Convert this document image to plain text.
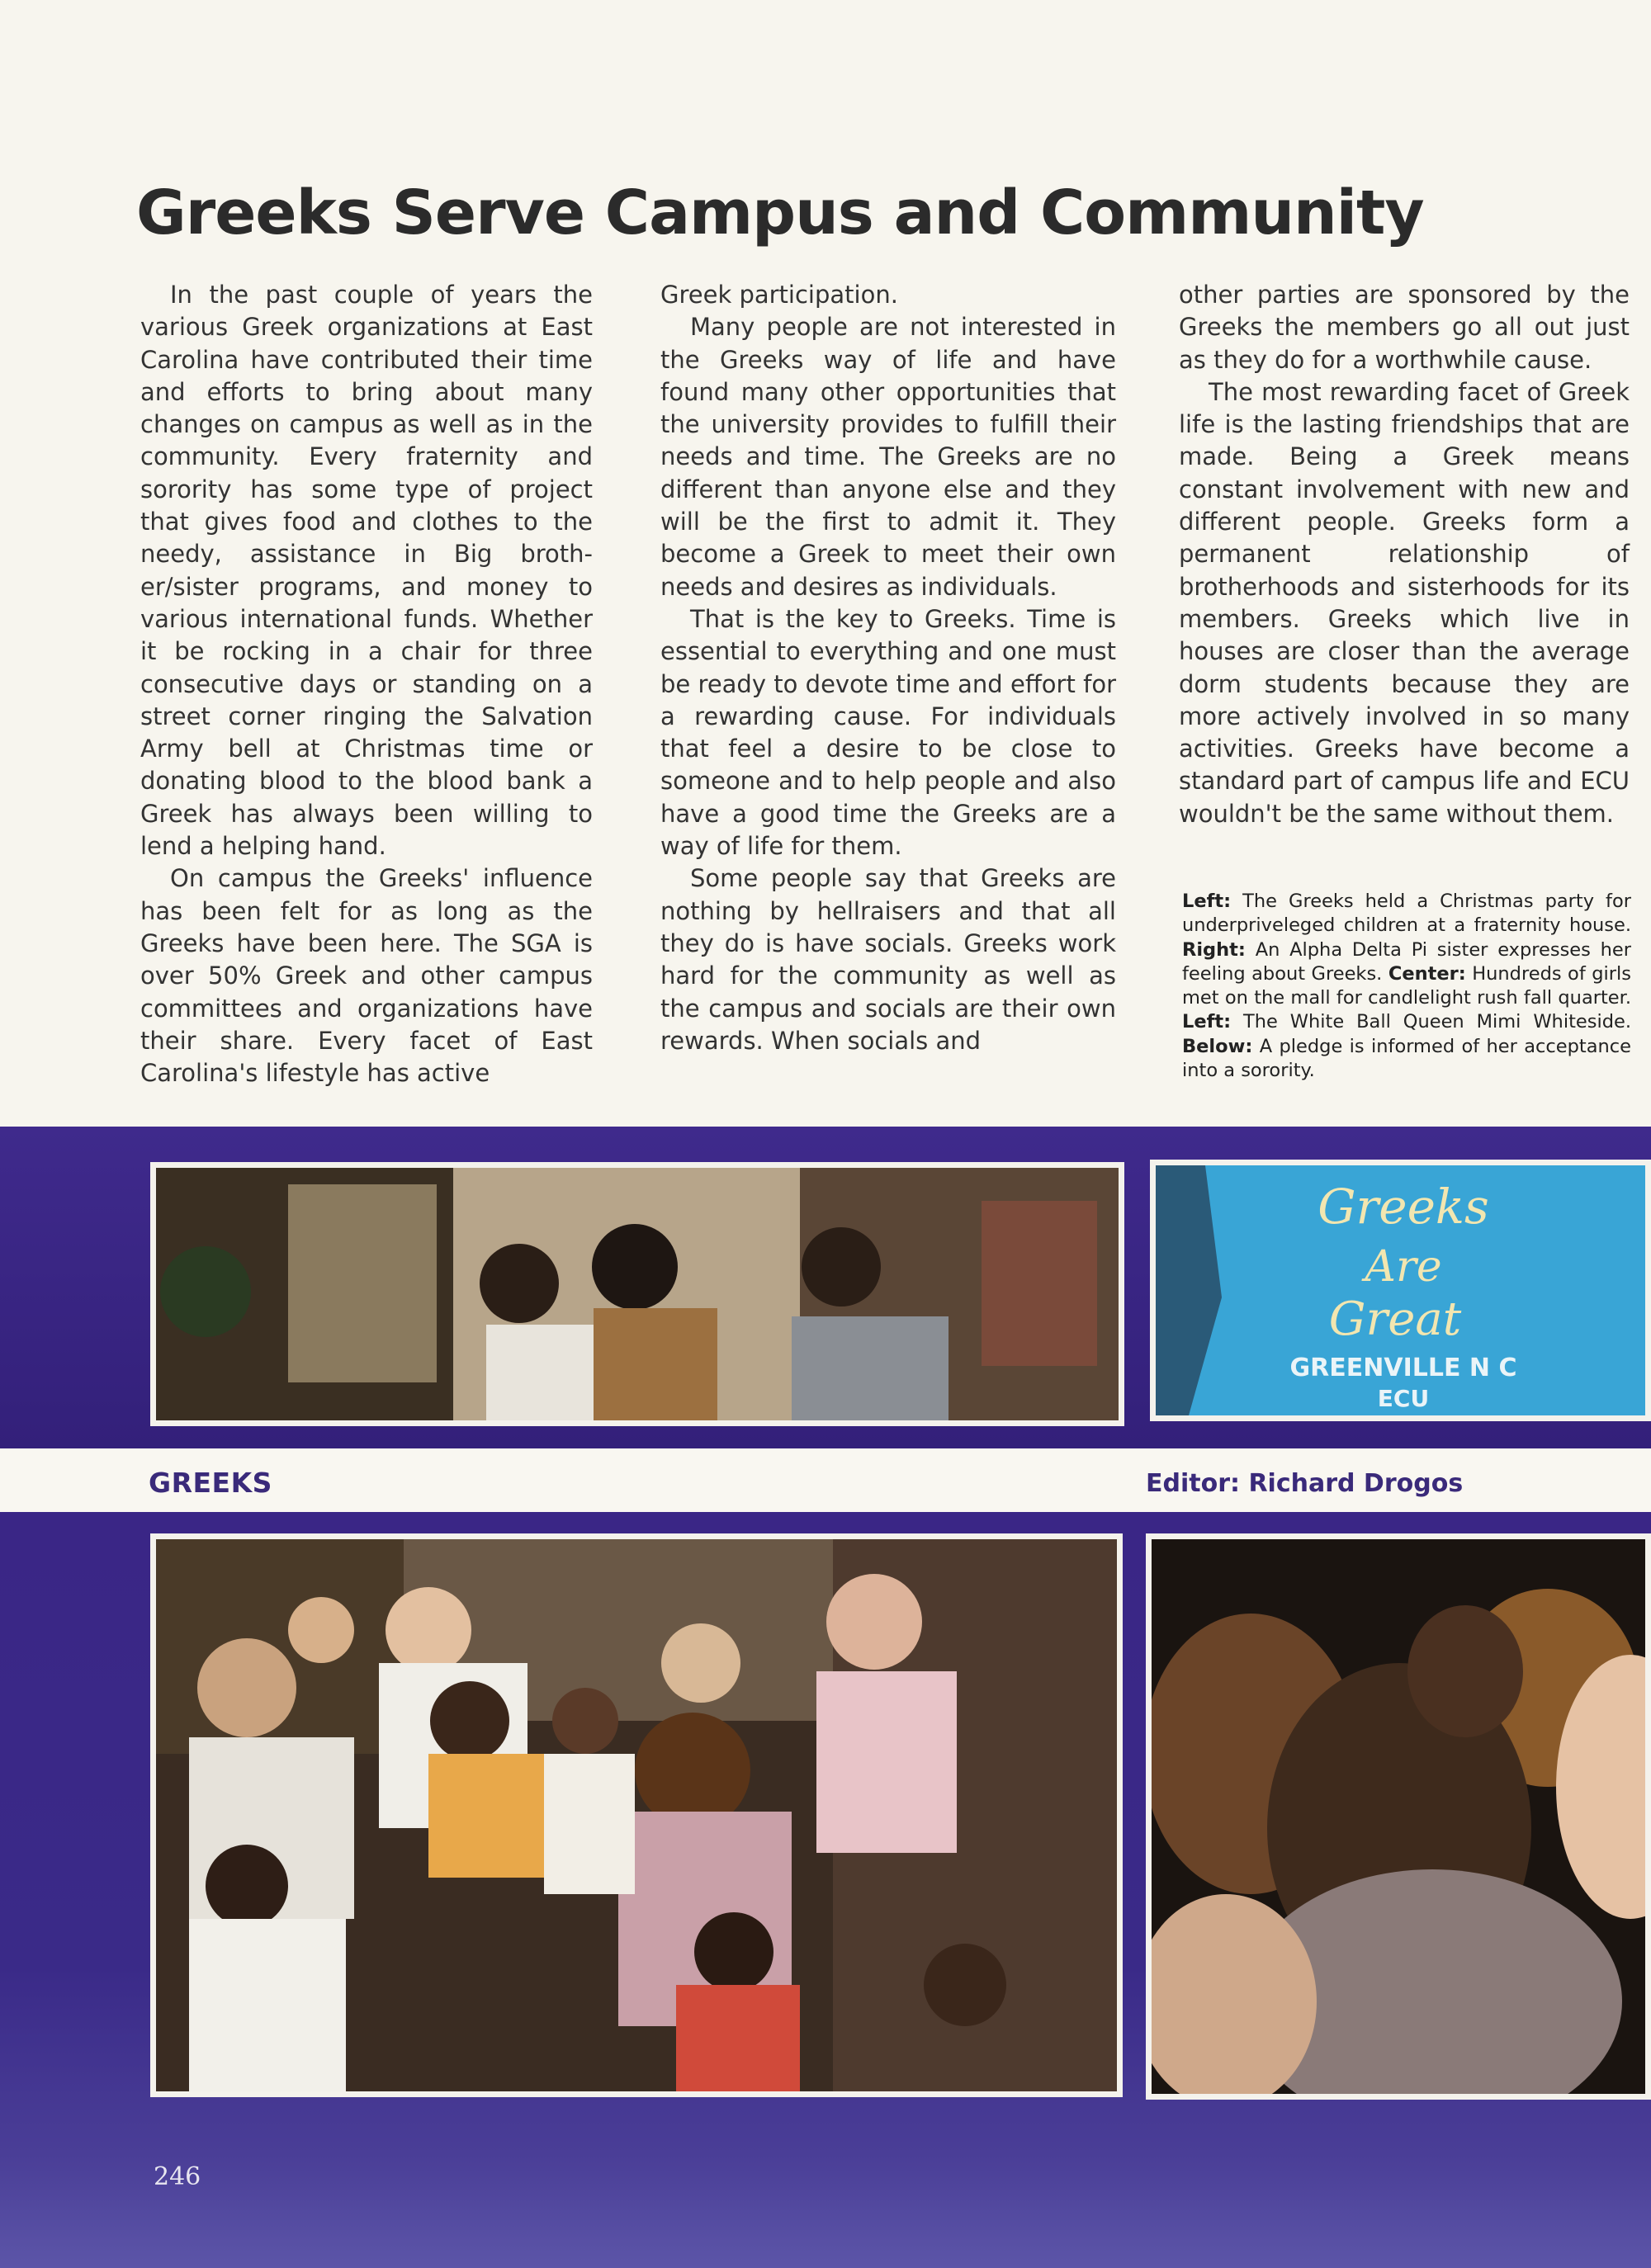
Greeks Serve Campus and Community

In the past couple of years the various Greek organizations at East Carolina have contributed their time and efforts to bring about many changes on campus as well as in the community. Every fraternity and sorority has some type of project that gives food and clothes to the needy, assistance in Big brother/sister programs, and money to various international funds. Whether it be rocking in a chair for three consecutive days or standing on a street corner ringing the Salvation Army bell at Christmas time or donating blood to the blood bank a Greek has always been willing to lend a helping hand.

On campus the Greeks' influence has been felt for as long as the Greeks have been here. The SGA is over 50% Greek and other campus committees and organizations have their share. Every facet of East Carolina's lifestyle has active

Greek participation.

Many people are not interested in the Greeks way of life and have found many other opportunities that the university provides to fulfill their needs and time. The Greeks are no different than anyone else and they will be the first to admit it. They become a Greek to meet their own needs and desires as individuals.

That is the key to Greeks. Time is essential to everything and one must be ready to devote time and effort for a rewarding cause. For individuals that feel a desire to be close to someone and to help people and also have a good time the Greeks are a way of life for them.

Some people say that Greeks are nothing by hellraisers and that all they do is have socials. Greeks work hard for the community as well as the campus and socials are their own rewards. When socials and

other parties are sponsored by the Greeks the members go all out just as they do for a worthwhile cause.

The most rewarding facet of Greek life is the lasting friendships that are made. Being a Greek means constant involvement with new and different people. Greeks form a permanent relationship of brotherhoods and sisterhoods for its members. Greeks which live in houses are closer than the average dorm students because they are more actively involved in so many activities. Greeks have become a standard part of campus life and ECU wouldn't be the same without them.

Left: The Greeks held a Christmas party for underpriveleged children at a fraternity house. Right: An Alpha Delta Pi sister expresses her feeling about Greeks. Center: Hundreds of girls met on the mall for candlelight rush fall quarter. Left: The White Ball Queen Mimi Whiteside. Below: A pledge is informed of her acceptance into a sorority.
GREEKS	Editor: Richard Drogos
Greeks
Are
Great
GREENVILLE N C
ECU
246
